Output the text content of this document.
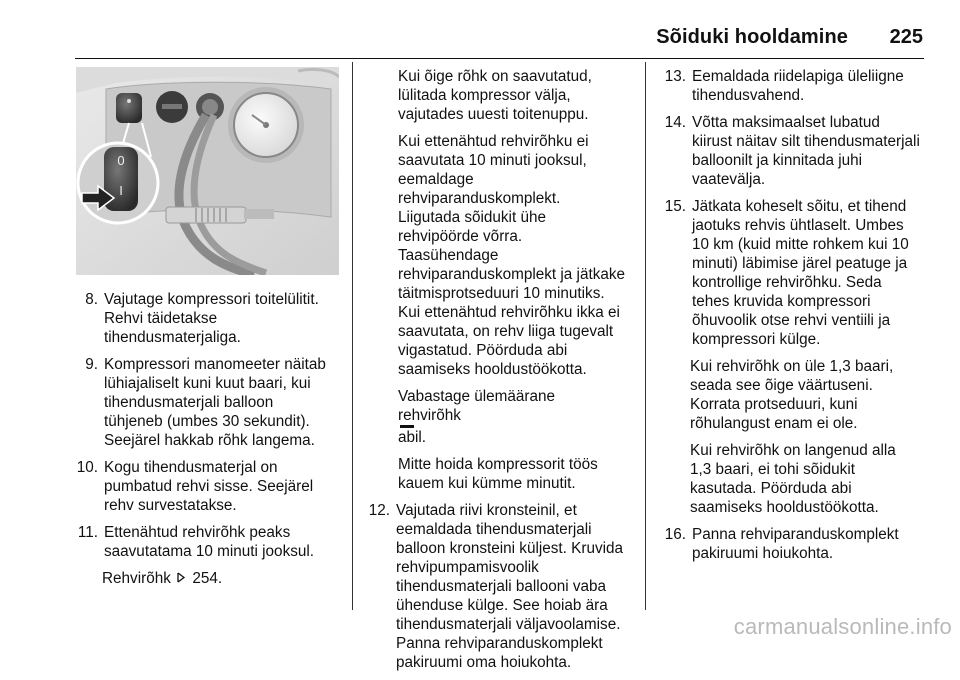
Sõiduki hooldamine 225
0
I
8. Vajutage kompressori toitelülitit.
Rehvi täidetakse
tihendusmaterjaliga.
9. Kompressori manomeeter näitab
lühiajaliselt kuni kuut baari, kui
tihendusmaterjali balloon
tühjeneb (umbes 30 sekundit).
Seejärel hakkab rõhk langema.
10. Kogu tihendusmaterjal on
pumbatud rehvi sisse. Seejärel
rehv survestatakse.
11. Ettenähtud rehvirõhk peaks
saavutatama 10 minuti jooksul.
Rehvirõhk 254.
Kui õige rõhk on saavutatud,
lülitada kompressor välja,
vajutades uuesti toitenuppu.
Kui ettenähtud rehvirõhku ei
saavutata 10 minuti jooksul,
eemaldage
rehviparanduskomplekt.
Liigutada sõidukit ühe
rehvipöörde võrra.
Taasühendage
rehviparanduskomplekt ja jätkake
täitmisprotseduuri 10 minutiks.
Kui ettenähtud rehvirõhku ikka ei
saavutata, on rehv liiga tugevalt
vigastatud. Pöörduda abi
saamiseks hooldustöökotta.
Vabastage ülemäärane
rehvirõhk
abil.
Mitte hoida kompressorit töös
kauem kui kümme minutit.
12. Vajutada riivi kronsteinil, et
eemaldada tihendusmaterjali
balloon kronsteini küljest. Kruvida
rehvipumpamisvoolik
tihendusmaterjali ballooni vaba
ühenduse külge. See hoiab ära
tihendusmaterjali väljavoolamise.
Panna rehviparanduskomplekt
pakiruumi oma hoiukohta.
13. Eemaldada riidelapiga üleliigne
tihendusvahend.
14. Võtta maksimaalset lubatud
kiirust näitav silt tihendusmaterjali
balloonilt ja kinnitada juhi
vaatevälja.
15. Jätkata koheselt sõitu, et tihend
jaotuks rehvis ühtlaselt. Umbes
10 km (kuid mitte rohkem kui 10
minuti) läbimise järel peatuge ja
kontrollige rehvirõhku. Seda
tehes kruvida kompressori
õhuvoolik otse rehvi ventiili ja
kompressori külge.
Kui rehvirõhk on üle 1,3 baari,
seada see õige väärtuseni.
Korrata protseduuri, kuni
rõhulangust enam ei ole.
Kui rehvirõhk on langenud alla
1,3 baari, ei tohi sõidukit
kasutada. Pöörduda abi
saamiseks hooldustöökotta.
16. Panna rehviparanduskomplekt
pakiruumi hoiukohta.
carmanualsonline.info
